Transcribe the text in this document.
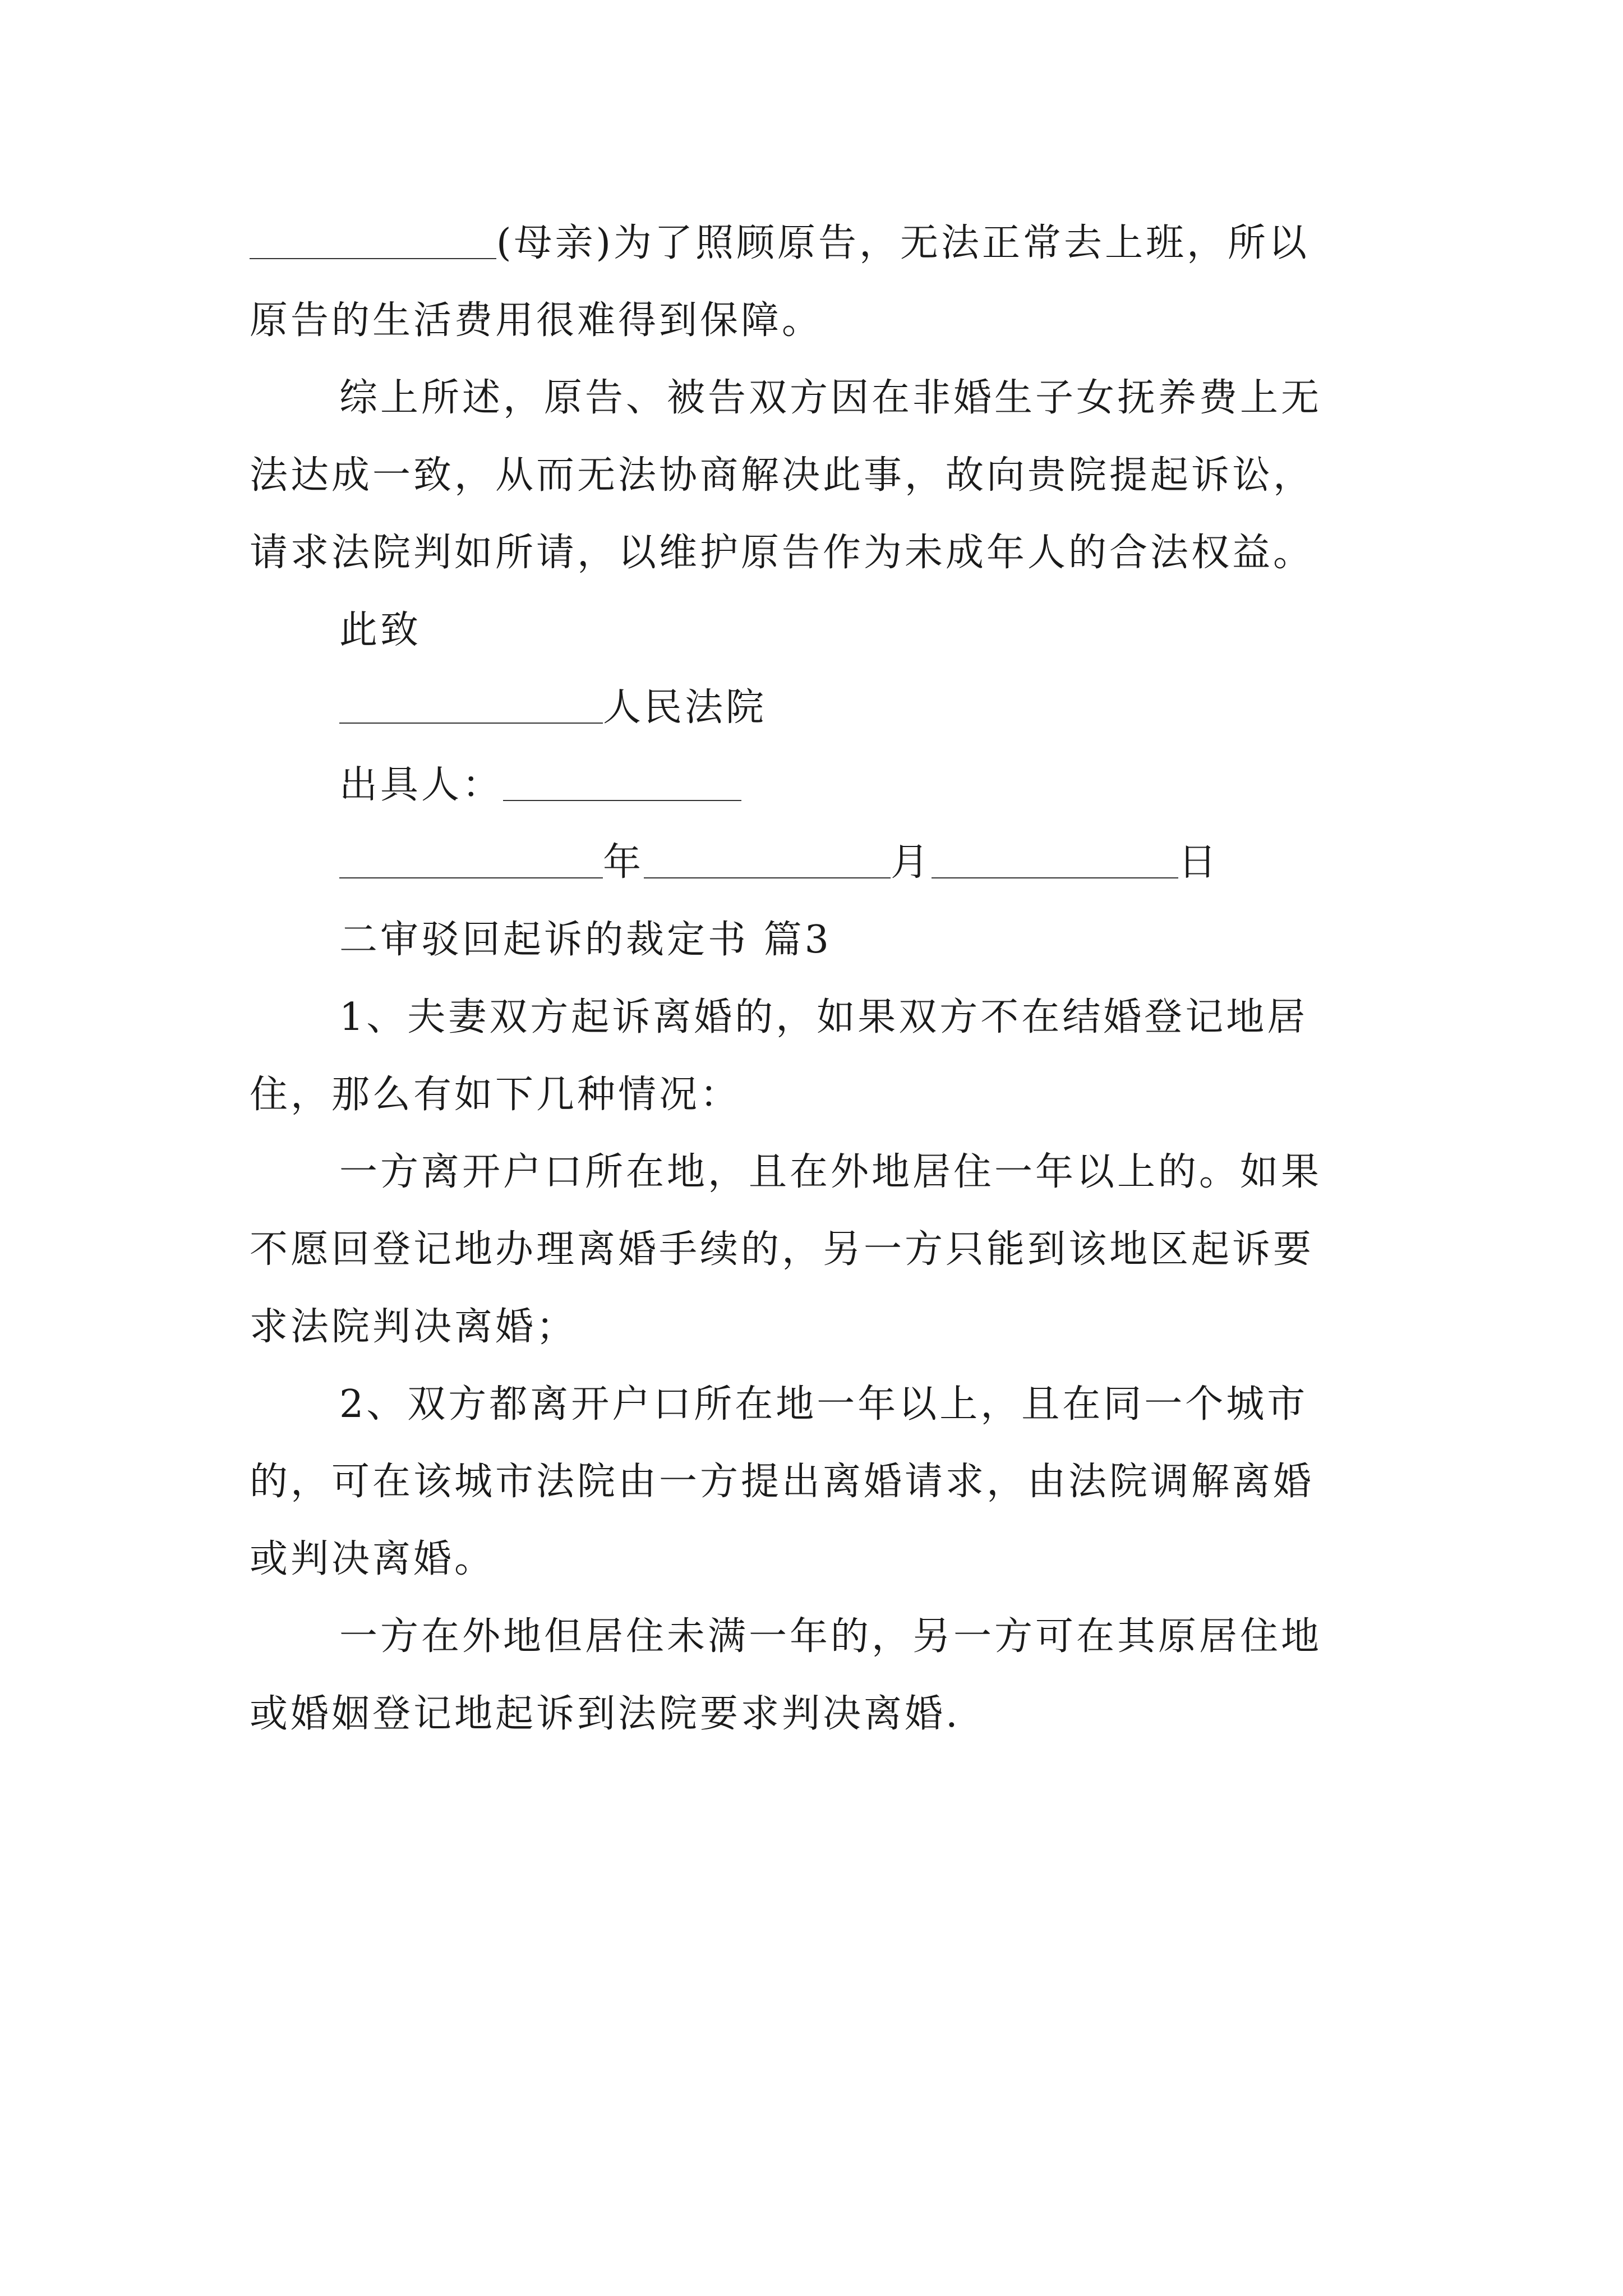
(母亲)为了照顾原告，无法正常去上班，所以
原告的生活费用很难得到保障。
综上所述，原告、被告双方因在非婚生子女抚养费上无
法达成一致，从而无法协商解决此事，故向贵院提起诉讼，
请求法院判如所请，以维护原告作为未成年人的合法权益。
此致
人民法院
出具人：
年	月	日
二审驳回起诉的裁定书 篇3
1、夫妻双方起诉离婚的，如果双方不在结婚登记地居
住，那么有如下几种情况：
一方离开户口所在地，且在外地居住一年以上的。如果
不愿回登记地办理离婚手续的，另一方只能到该地区起诉要
求法院判决离婚；
2、双方都离开户口所在地一年以上，且在同一个城市
的，可在该城市法院由一方提出离婚请求，由法院调解离婚
或判决离婚。
一方在外地但居住未满一年的，另一方可在其原居住地
或婚姻登记地起诉到法院要求判决离婚.
